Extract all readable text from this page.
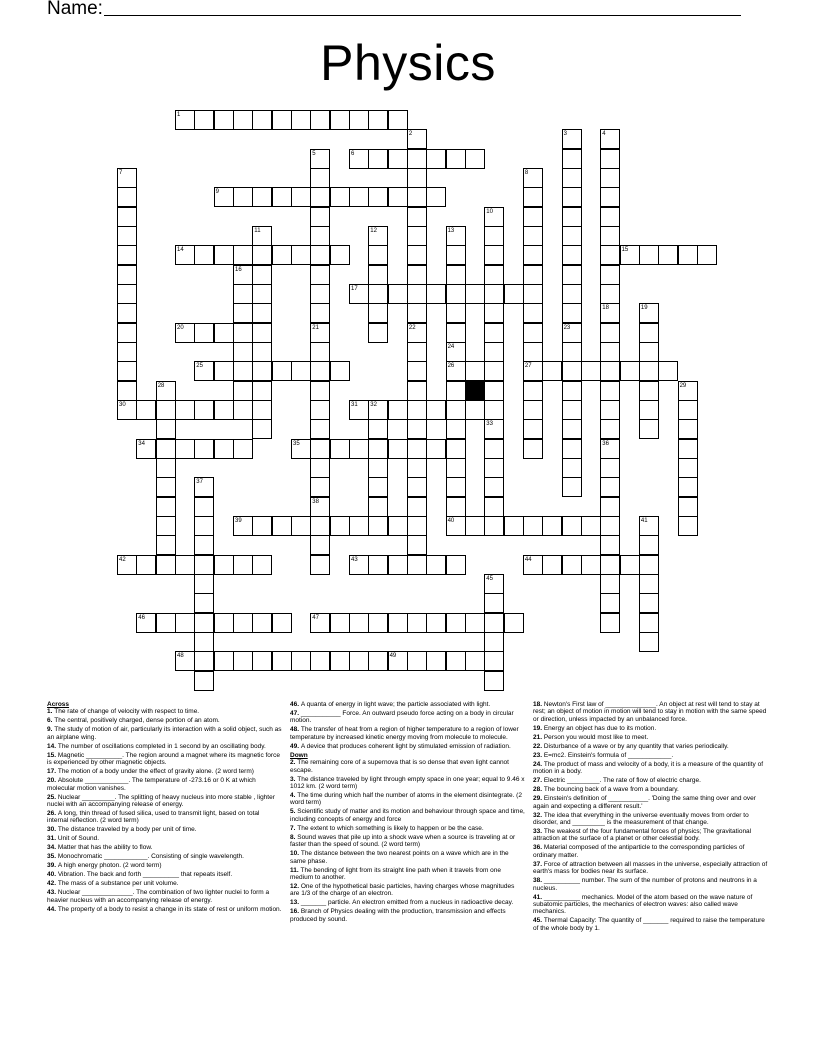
Name:
Physics
1
6
9
14	15
17
20
25	26	27
30	31 32
34	35
39	40
42	43	44
46	47
48	49
2	3	4
5
21
7	8
10
33
11	12	13
24
16
18
36
19
38
22	23
28	29
37
41
45
Across
1. The rate of change of velocity with respect to time.
6. The central, positively charged, dense portion of an atom.
9. The study of motion of air, particularly its interaction with a solid object, such as an airplane wing.
14. The number of oscillations completed in 1 second by an oscillating body.
15. Magnetic __________. The region around a magnet where its magnetic force is experienced by other magnetic objects.
17. The motion of a body under the effect of gravity alone. (2 word term)
20. Absolute ____________. The temperature of -273.16 or 0 K at which molecular motion vanishes.
25. Nuclear _________. The splitting of heavy nucleus into more stable , lighter nuclei with an accompanying release of energy.
26. A long, thin thread of fused silica, used to transmit light, based on total internal reflection. (2 word term)
30. The distance traveled by a body per unit of time.
31. Unit of Sound.
34. Matter that has the ability to flow.
35. Monochromatic ____________. Consisting of single wavelength.
39. A high energy photon. (2 word term)
40. Vibration. The back and forth __________ that repeats itself.
42. The mass of a substance per unit volume.
43. Nuclear ______________. The combination of two lighter nuclei to form a heavier nucleus with an accompanying release of energy.
44. The property of a body to resist a change in its state of rest or uniform motion.
46. A quanta of energy in light wave; the particle associated with light.
47. ___________ Force. An outward pseudo force acting on a body in circular motion.
48. The transfer of heat from a region of higher temperature to a region of lower temperature by increased kinetic energy moving from molecule to molecule.
49. A device that produces coherent light by stimulated emission of radiation.
Down
2. The remaining core of a supernova that is so dense that even light cannot escape.
3. The distance traveled by light through empty space in one year; equal to 9.46 x 1012 km. (2 word term)
4. The time during which half the number of atoms in the element disintegrate. (2 word term)
5. Scientific study of matter and its motion and behaviour through space and time, including concepts of energy and force
7. The extent to which something is likely to happen or be the case.
8. Sound waves that pile up into a shock wave when a source is traveling at or faster than the speed of sound. (2 word term)
10. The distance between the two nearest points on a wave which are in the same phase.
11. The bending of light from its straight line path when it travels from one medium to another.
12. One of the hypothetical basic particles, having charges whose magnitudes are 1/3 of the charge of an electron.
13. _______ particle. An electron emitted from a nucleus in radioactive decay.
16. Branch of Physics dealing with the production, transmission and effects produced by sound.
18. Newton's First law of ______________. An object at rest will tend to stay at rest; an object of motion in motion will tend to stay in motion with the same speed or direction, unless impacted by an unbalanced force.
19. Energy an object has due to its motion.
21. Person you would most like to meet.
22. Disturbance of a wave or by any quantity that varies periodically.
23. E=mc2. Einstein's formula of ____________.
24. The product of mass and velocity of a body, it is a measure of the quantity of motion in a body.
27. Electric _________. The rate of flow of electric charge.
28. The bouncing back of a wave from a boundary.
29. Einstein's definition of ___________. 'Doing the same thing over and over again and expecting a different result.'
32. The idea that everything in the universe eventually moves from order to disorder, and _________ is the measurement of that change.
33. The weakest of the four fundamental forces of physics; The gravitational attraction at the surface of a planet or other celestial body.
36. Material composed of the antiparticle to the corresponding particles of ordinary matter.
37. Force of attraction between all masses in the universe, especially attraction of earth's mass for bodies near its surface.
38. __________ number. The sum of the number of protons and neutrons in a nucleus.
41. __________ mechanics. Model of the atom based on the wave nature of subatomic particles, the mechanics of electron waves: also called wave mechanics.
45. Thermal Capacity: The quantity of _______ required to raise the temperature of the whole body by 1.
